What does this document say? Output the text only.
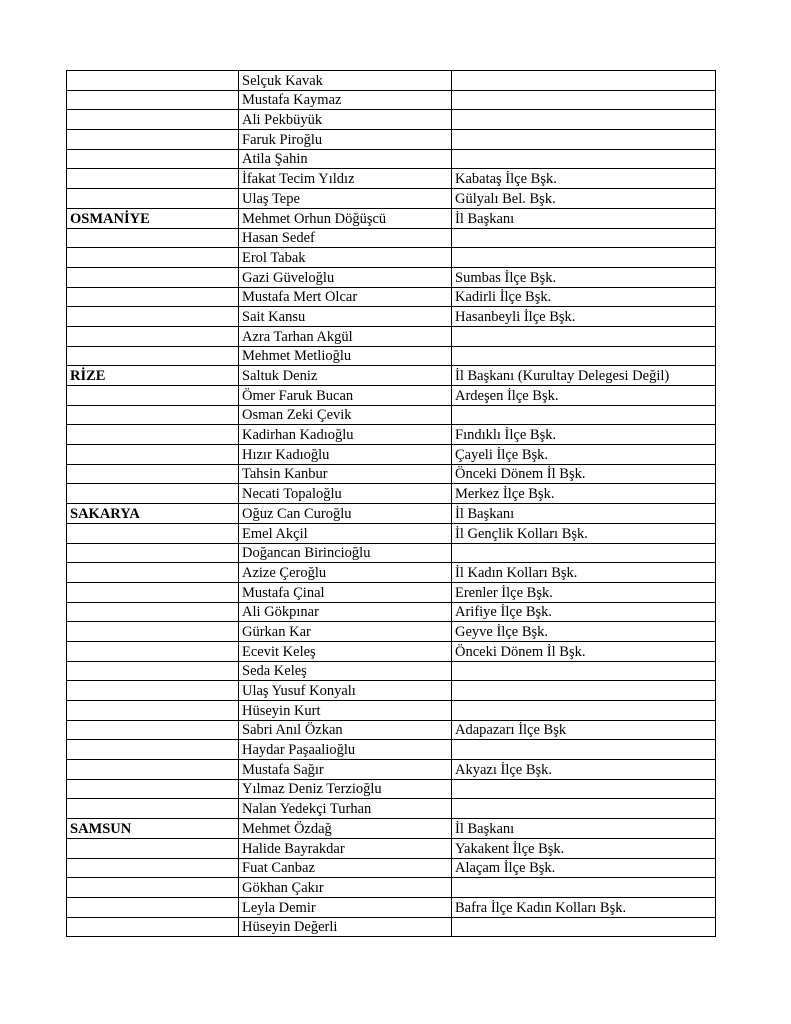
	Selçuk Kavak	
	Mustafa Kaymaz	
	Ali Pekbüyük	
	Faruk Piroğlu	
	Atila Şahin	
	İfakat Tecim Yıldız	Kabataş İlçe Bşk.
	Ulaş Tepe	Gülyalı Bel. Bşk.
OSMANİYE	Mehmet Orhun Döğüşcü	İl Başkanı
	Hasan Sedef	
	Erol Tabak	
	Gazi Güveloğlu	Sumbas İlçe Bşk.
	Mustafa Mert Olcar	Kadirli İlçe Bşk.
	Sait Kansu	Hasanbeyli İlçe Bşk.
	Azra Tarhan Akgül	
	Mehmet Metlioğlu	
RİZE	Saltuk Deniz	İl Başkanı (Kurultay Delegesi Değil)
	Ömer Faruk Bucan	Ardeşen İlçe Bşk.
	Osman Zeki Çevik	
	Kadirhan Kadıoğlu	Fındıklı İlçe Bşk.
	Hızır Kadıoğlu	Çayeli İlçe Bşk.
	Tahsin Kanbur	Önceki Dönem İl Bşk.
	Necati Topaloğlu	Merkez İlçe Bşk.
SAKARYA	Oğuz Can Curoğlu	İl Başkanı
	Emel Akçil	İl Gençlik Kolları Bşk.
	Doğancan Birincioğlu	
	Azize Çeroğlu	İl Kadın Kolları Bşk.
	Mustafa Çinal	Erenler İlçe Bşk.
	Ali Gökpınar	Arifiye İlçe Bşk.
	Gürkan Kar	Geyve İlçe Bşk.
	Ecevit Keleş	Önceki Dönem İl Bşk.
	Seda Keleş	
	Ulaş Yusuf Konyalı	
	Hüseyin Kurt	
	Sabri Anıl Özkan	Adapazarı İlçe Bşk
	Haydar Paşaalioğlu	
	Mustafa Sağır	Akyazı İlçe Bşk.
	Yılmaz Deniz Terzioğlu	
	Nalan Yedekçi Turhan	
SAMSUN	Mehmet Özdağ	İl Başkanı
	Halide Bayrakdar	Yakakent İlçe Bşk.
	Fuat Canbaz	Alaçam İlçe Bşk.
	Gökhan Çakır	
	Leyla Demir	Bafra İlçe Kadın Kolları Bşk.
	Hüseyin Değerli	
